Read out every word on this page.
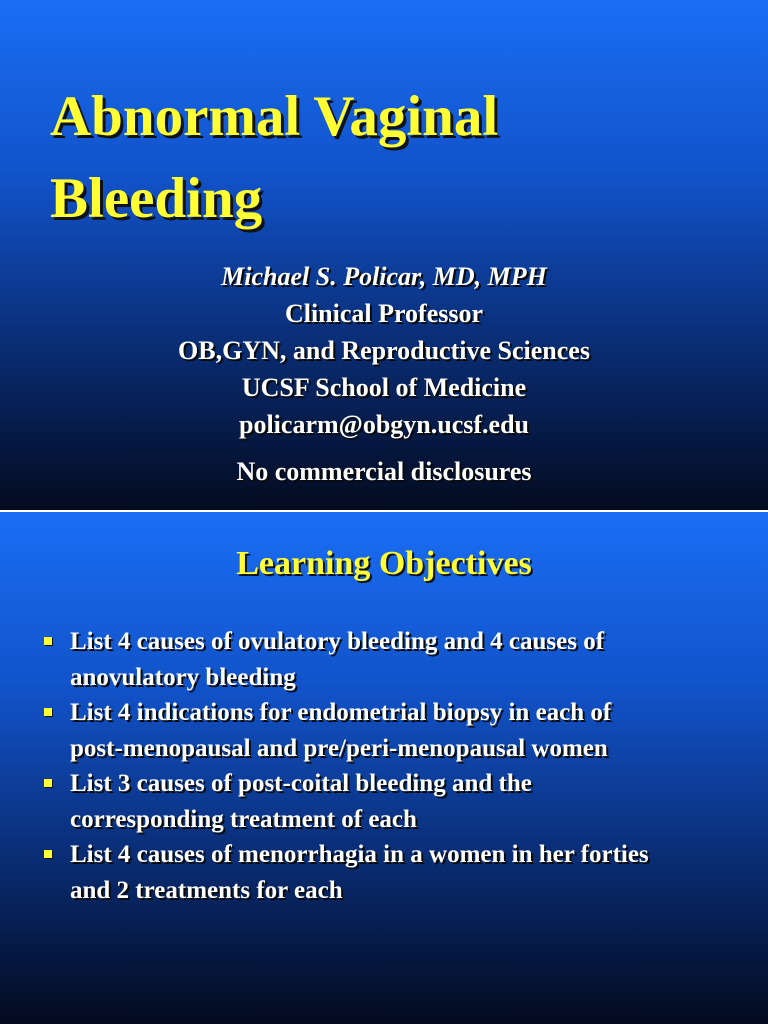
Abnormal Vaginal
Bleeding
Michael S. Policar, MD, MPH
Clinical Professor
OB,GYN, and Reproductive Sciences
UCSF School of Medicine
policarm@obgyn.ucsf.edu
No commercial disclosures
Learning Objectives
List 4 causes of ovulatory bleeding and 4 causes of
anovulatory bleeding
List 4 indications for endometrial biopsy in each of
post-menopausal and pre/peri-menopausal women
List 3 causes of post-coital bleeding and the
corresponding treatment of each
List 4 causes of menorrhagia in a women in her forties
and 2 treatments for each
